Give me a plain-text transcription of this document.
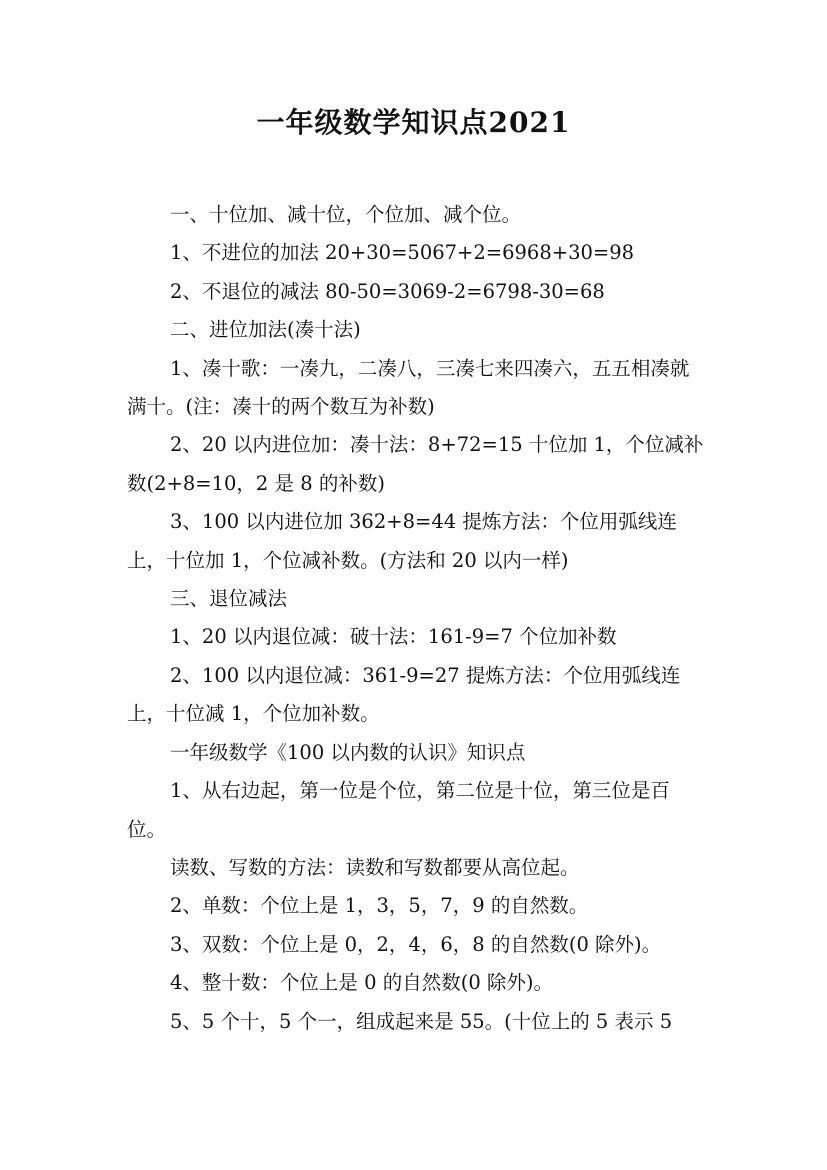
一年级数学知识点2021

一、十位加、减十位，个位加、减个位。

1、不进位的加法 20+30=5067+2=6968+30=98

2、不退位的减法 80-50=3069-2=6798-30=68

二、进位加法(凑十法)

1、凑十歌：一凑九，二凑八，三凑七来四凑六，五五相凑就满十。(注：凑十的两个数互为补数)

2、20 以内进位加：凑十法：8+72=15 十位加 1，个位减补数(2+8=10，2 是 8 的补数)

3、100 以内进位加 362+8=44 提炼方法：个位用弧线连上，十位加 1，个位减补数。(方法和 20 以内一样)

三、退位减法

1、20 以内退位减：破十法：161-9=7 个位加补数

2、100 以内退位减：361-9=27 提炼方法：个位用弧线连上，十位减 1，个位加补数。

一年级数学《100 以内数的认识》知识点

1、从右边起，第一位是个位，第二位是十位，第三位是百位。

读数、写数的方法：读数和写数都要从高位起。

2、单数：个位上是 1，3，5，7，9 的自然数。

3、双数：个位上是 0，2，4，6，8 的自然数(0 除外)。

4、整十数：个位上是 0 的自然数(0 除外)。

5、5 个十，5 个一，组成起来是 55。(十位上的 5 表示 5
